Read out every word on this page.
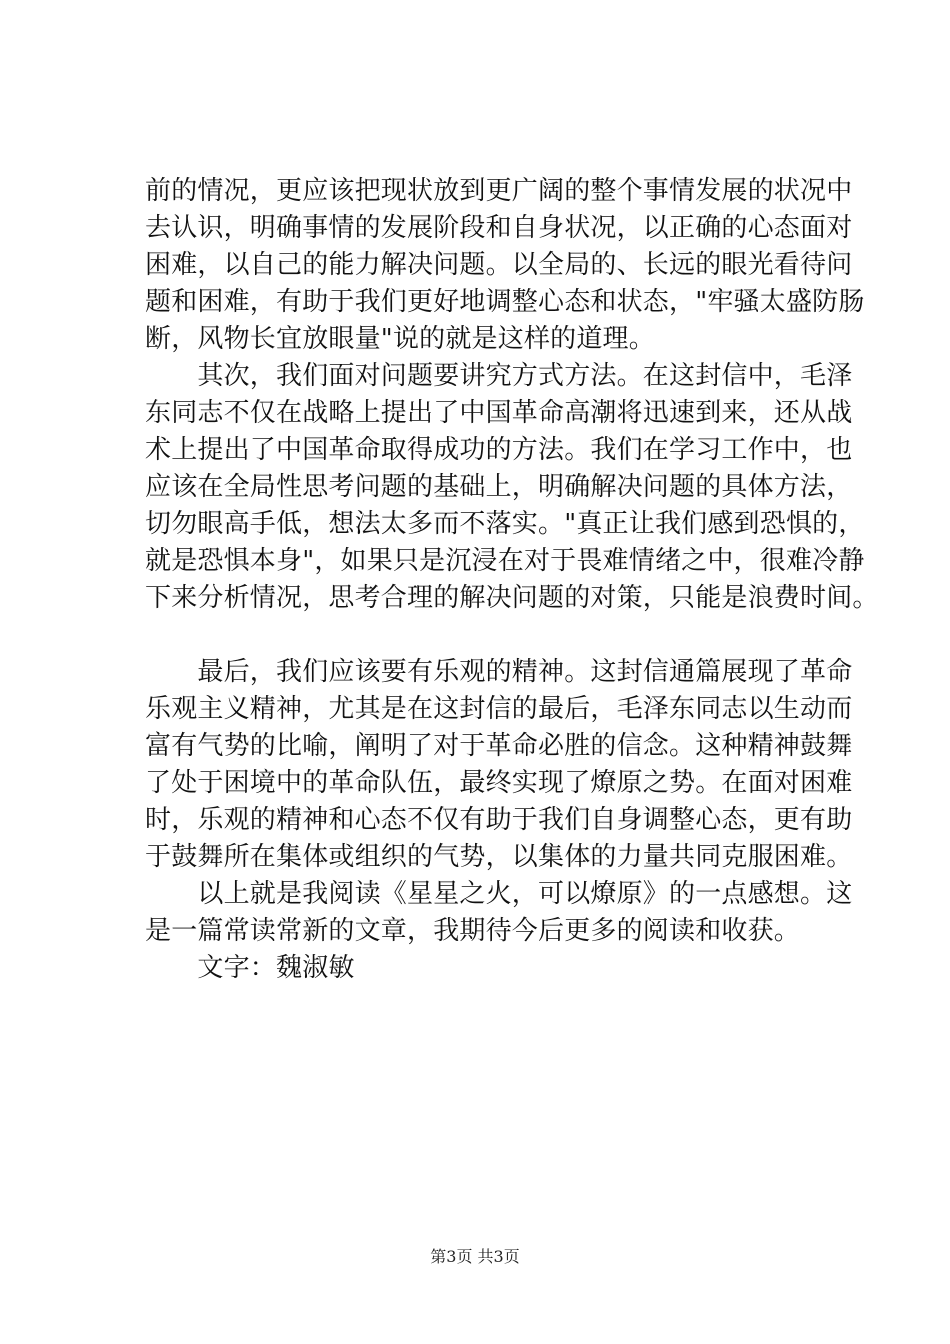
前的情况，更应该把现状放到更广阔的整个事情发展的状况中
去认识，明确事情的发展阶段和自身状况，以正确的心态面对
困难，以自己的能力解决问题。以全局的、长远的眼光看待问
题和困难，有助于我们更好地调整心态和状态，"牢骚太盛防肠
断，风物长宜放眼量"说的就是这样的道理。
　　其次，我们面对问题要讲究方式方法。在这封信中，毛泽
东同志不仅在战略上提出了中国革命高潮将迅速到来，还从战
术上提出了中国革命取得成功的方法。我们在学习工作中，也
应该在全局性思考问题的基础上，明确解决问题的具体方法，
切勿眼高手低，想法太多而不落实。"真正让我们感到恐惧的，
就是恐惧本身"，如果只是沉浸在对于畏难情绪之中，很难冷静
下来分析情况，思考合理的解决问题的对策，只能是浪费时间。
　　最后，我们应该要有乐观的精神。这封信通篇展现了革命
乐观主义精神，尤其是在这封信的最后，毛泽东同志以生动而
富有气势的比喻，阐明了对于革命必胜的信念。这种精神鼓舞
了处于困境中的革命队伍，最终实现了燎原之势。在面对困难
时，乐观的精神和心态不仅有助于我们自身调整心态，更有助
于鼓舞所在集体或组织的气势，以集体的力量共同克服困难。
　　以上就是我阅读《星星之火，可以燎原》的一点感想。这
是一篇常读常新的文章，我期待今后更多的阅读和收获。
　　文字：魏淑敏
第3页 共3页
